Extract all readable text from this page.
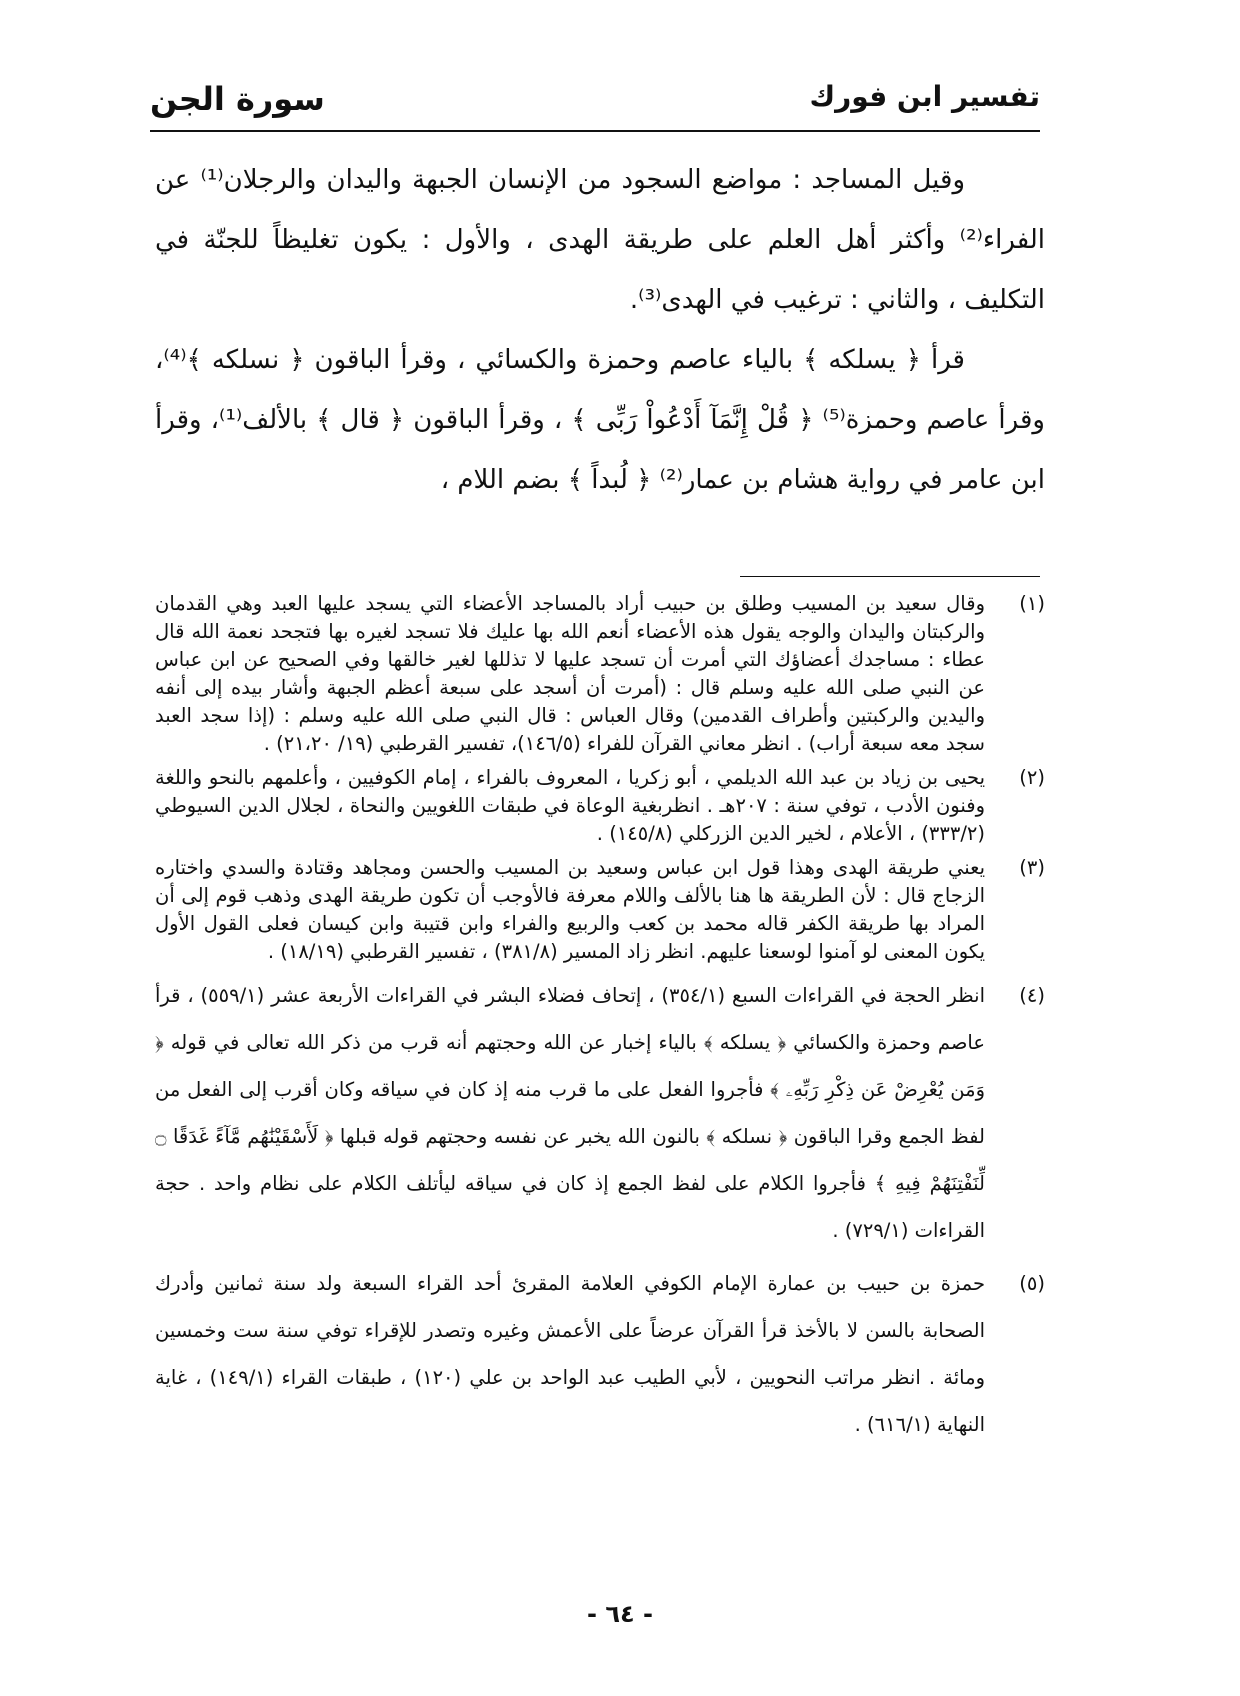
تفسير ابن فورك
سورة الجن

وقيل المساجد : مواضع السجود من الإنسان الجبهة واليدان والرجلان⁽¹⁾ عن الفراء⁽²⁾ وأكثر أهل العلم على طريقة الهدى ، والأول : يكون تغليظاً للجنّة في التكليف ، والثاني : ترغيب في الهدى⁽³⁾.

قرأ ﴿ يسلكه ﴾ بالياء عاصم وحمزة والكسائي ، وقرأ الباقون ﴿ نسلكه ﴾⁽⁴⁾، وقرأ عاصم وحمزة⁽⁵⁾ ﴿ قُلْ إِنَّمَآ أَدْعُواْ رَبِّى ﴾ ، وقرأ الباقون ﴿ قال ﴾ بالألف⁽¹⁾، وقرأ ابن عامر في رواية هشام بن عمار⁽²⁾ ﴿ لُبداً ﴾ بضم اللام ،

(١)
وقال سعيد بن المسيب وطلق بن حبيب أراد بالمساجد الأعضاء التي يسجد عليها العبد وهي القدمان والركبتان واليدان والوجه يقول هذه الأعضاء أنعم الله بها عليك فلا تسجد لغيره بها فتجحد نعمة الله قال عطاء : مساجدك أعضاؤك التي أمرت أن تسجد عليها لا تذللها لغير خالقها وفي الصحيح عن ابن عباس عن النبي صلى الله عليه وسلم قال : (أمرت أن أسجد على سبعة أعظم الجبهة وأشار بيده إلى أنفه واليدين والركبتين وأطراف القدمين) وقال العباس : قال النبي صلى الله عليه وسلم : (إذا سجد العبد سجد معه سبعة أراب) . انظر معاني القرآن للفراء (١٤٦/٥)، تفسير القرطبي (١٩/ ٢١،٢٠) .
(٢)
يحيى بن زياد بن عبد الله الديلمي ، أبو زكريا ، المعروف بالفراء ، إمام الكوفيين ، وأعلمهم بالنحو واللغة وفنون الأدب ، توفي سنة : ٢٠٧هـ . انظربغية الوعاة في طبقات اللغويين والنحاة ، لجلال الدين السيوطي (٣٣٣/٢) ، الأعلام ، لخير الدين الزركلي (١٤٥/٨) .
(٣)
يعني طريقة الهدى وهذا قول ابن عباس وسعيد بن المسيب والحسن ومجاهد وقتادة والسدي واختاره الزجاج قال : لأن الطريقة ها هنا بالألف واللام معرفة فالأوجب أن تكون طريقة الهدى وذهب قوم إلى أن المراد بها طريقة الكفر قاله محمد بن كعب والربيع والفراء وابن قتيبة وابن كيسان فعلى القول الأول يكون المعنى لو آمنوا لوسعنا عليهم. انظر زاد المسير (٣٨١/٨) ، تفسير القرطبي (١٨/١٩) .
(٤)
انظر الحجة في القراءات السبع (٣٥٤/١) ، إتحاف فضلاء البشر في القراءات الأربعة عشر (٥٥٩/١) ، قرأ عاصم وحمزة والكسائي ﴿ يسلكه ﴾ بالياء إخبار عن الله وحجتهم أنه قرب من ذكر الله تعالى في قوله ﴿ وَمَن يُعْرِضْ عَن ذِكْرِ رَبِّهِۦ ﴾ فأجروا الفعل على ما قرب منه إذ كان في سياقه وكان أقرب إلى الفعل من لفظ الجمع وقرا الباقون ﴿ نسلكه ﴾ بالنون الله يخبر عن نفسه وحجتهم قوله قبلها ﴿ لَأَسْقَيْنَٰهُم مَّآءً غَدَقًا ۝ لِّنَفْتِنَهُمْ فِيهِ ﴾ فأجروا الكلام على لفظ الجمع إذ كان في سياقه ليأتلف الكلام على نظام واحد . حجة القراءات (٧٢٩/١) .
(٥)
حمزة بن حبيب بن عمارة الإمام الكوفي العلامة المقرئ أحد القراء السبعة ولد سنة ثمانين وأدرك الصحابة بالسن لا بالأخذ قرأ القرآن عرضاً على الأعمش وغيره وتصدر للإقراء توفي سنة ست وخمسين ومائة . انظر مراتب النحويين ، لأبي الطيب عبد الواحد بن علي (١٢٠) ، طبقات القراء (١٤٩/١) ، غاية النهاية (٦١٦/١) .
- ٦٤ -
